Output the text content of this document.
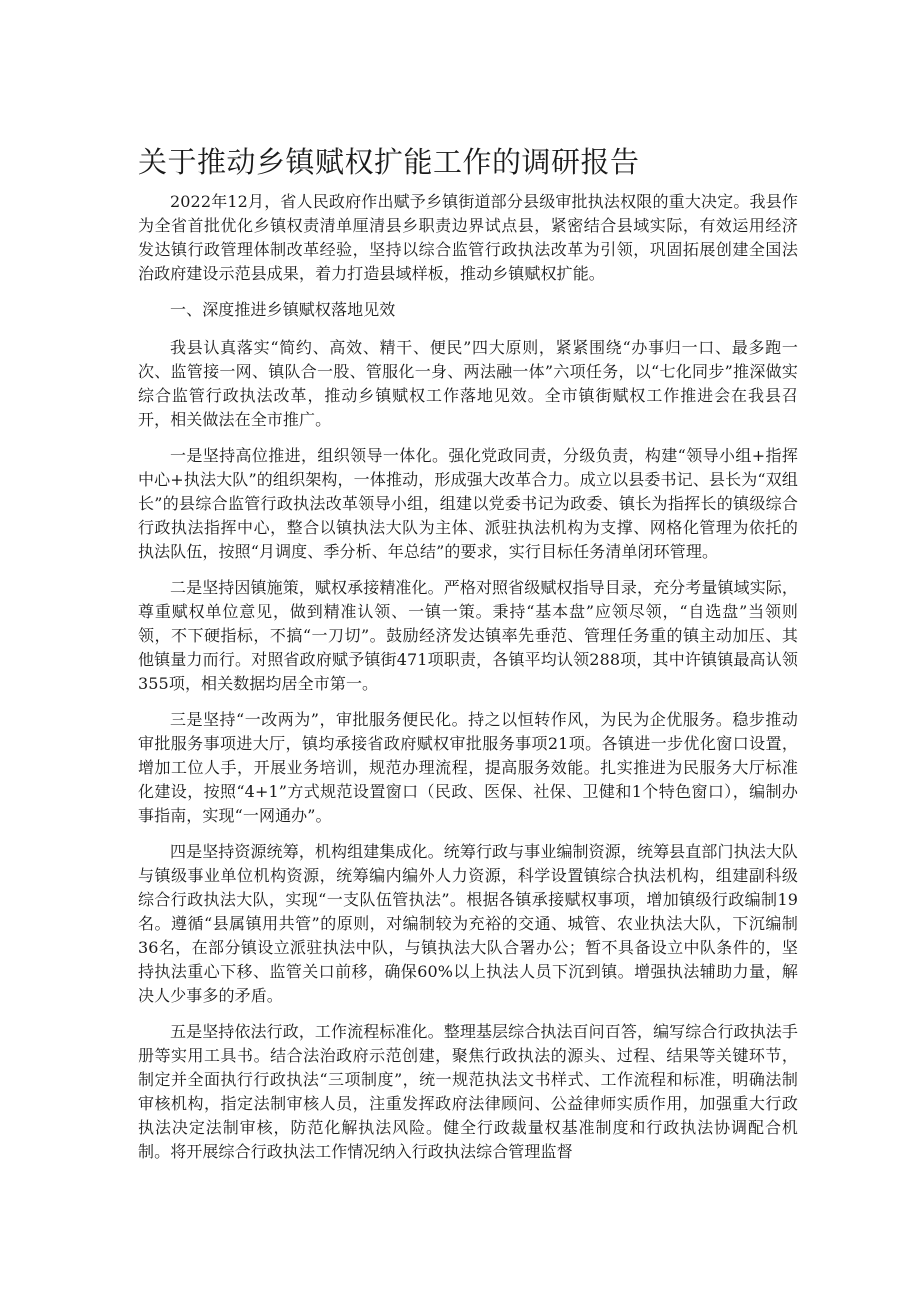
关于推动乡镇赋权扩能工作的调研报告

2022年12月，省人民政府作出赋予乡镇街道部分县级审批执法权限的重大决定。我县作为全省首批优化乡镇权责清单厘清县乡职责边界试点县，紧密结合县域实际，有效运用经济发达镇行政管理体制改革经验，坚持以综合监管行政执法改革为引领，巩固拓展创建全国法治政府建设示范县成果，着力打造县域样板，推动乡镇赋权扩能。

一、深度推进乡镇赋权落地见效

我县认真落实“简约、高效、精干、便民”四大原则，紧紧围绕“办事归一口、最多跑一次、监管接一网、镇队合一股、管服化一身、两法融一体”六项任务，以“七化同步”推深做实综合监管行政执法改革，推动乡镇赋权工作落地见效。全市镇街赋权工作推进会在我县召开，相关做法在全市推广。

一是坚持高位推进，组织领导一体化。强化党政同责，分级负责，构建“领导小组+指挥中心+执法大队”的组织架构，一体推动，形成强大改革合力。成立以县委书记、县长为“双组长”的县综合监管行政执法改革领导小组，组建以党委书记为政委、镇长为指挥长的镇级综合行政执法指挥中心，整合以镇执法大队为主体、派驻执法机构为支撑、网格化管理为依托的执法队伍，按照“月调度、季分析、年总结”的要求，实行目标任务清单闭环管理。

二是坚持因镇施策，赋权承接精准化。严格对照省级赋权指导目录，充分考量镇域实际，尊重赋权单位意见，做到精准认领、一镇一策。秉持“基本盘”应领尽领，“自选盘”当领则领，不下硬指标，不搞“一刀切”。鼓励经济发达镇率先垂范、管理任务重的镇主动加压、其他镇量力而行。对照省政府赋予镇街471项职责，各镇平均认领288项，其中许镇镇最高认领355项，相关数据均居全市第一。

三是坚持“一改两为”，审批服务便民化。持之以恒转作风，为民为企优服务。稳步推动审批服务事项进大厅，镇均承接省政府赋权审批服务事项21项。各镇进一步优化窗口设置，增加工位人手，开展业务培训，规范办理流程，提高服务效能。扎实推进为民服务大厅标准化建设，按照“4+1”方式规范设置窗口（民政、医保、社保、卫健和1个特色窗口），编制办事指南，实现“一网通办”。

四是坚持资源统筹，机构组建集成化。统筹行政与事业编制资源，统筹县直部门执法大队与镇级事业单位机构资源，统筹编内编外人力资源，科学设置镇综合执法机构，组建副科级综合行政执法大队，实现“一支队伍管执法”。根据各镇承接赋权事项，增加镇级行政编制19名。遵循“县属镇用共管”的原则，对编制较为充裕的交通、城管、农业执法大队，下沉编制36名，在部分镇设立派驻执法中队，与镇执法大队合署办公；暂不具备设立中队条件的，坚持执法重心下移、监管关口前移，确保60%以上执法人员下沉到镇。增强执法辅助力量，解决人少事多的矛盾。

五是坚持依法行政，工作流程标准化。整理基层综合执法百问百答，编写综合行政执法手册等实用工具书。结合法治政府示范创建，聚焦行政执法的源头、过程、结果等关键环节，制定并全面执行行政执法“三项制度”，统一规范执法文书样式、工作流程和标准，明确法制审核机构，指定法制审核人员，注重发挥政府法律顾问、公益律师实质作用，加强重大行政执法决定法制审核，防范化解执法风险。健全行政裁量权基准制度和行政执法协调配合机制。将开展综合行政执法工作情况纳入行政执法综合管理监督
